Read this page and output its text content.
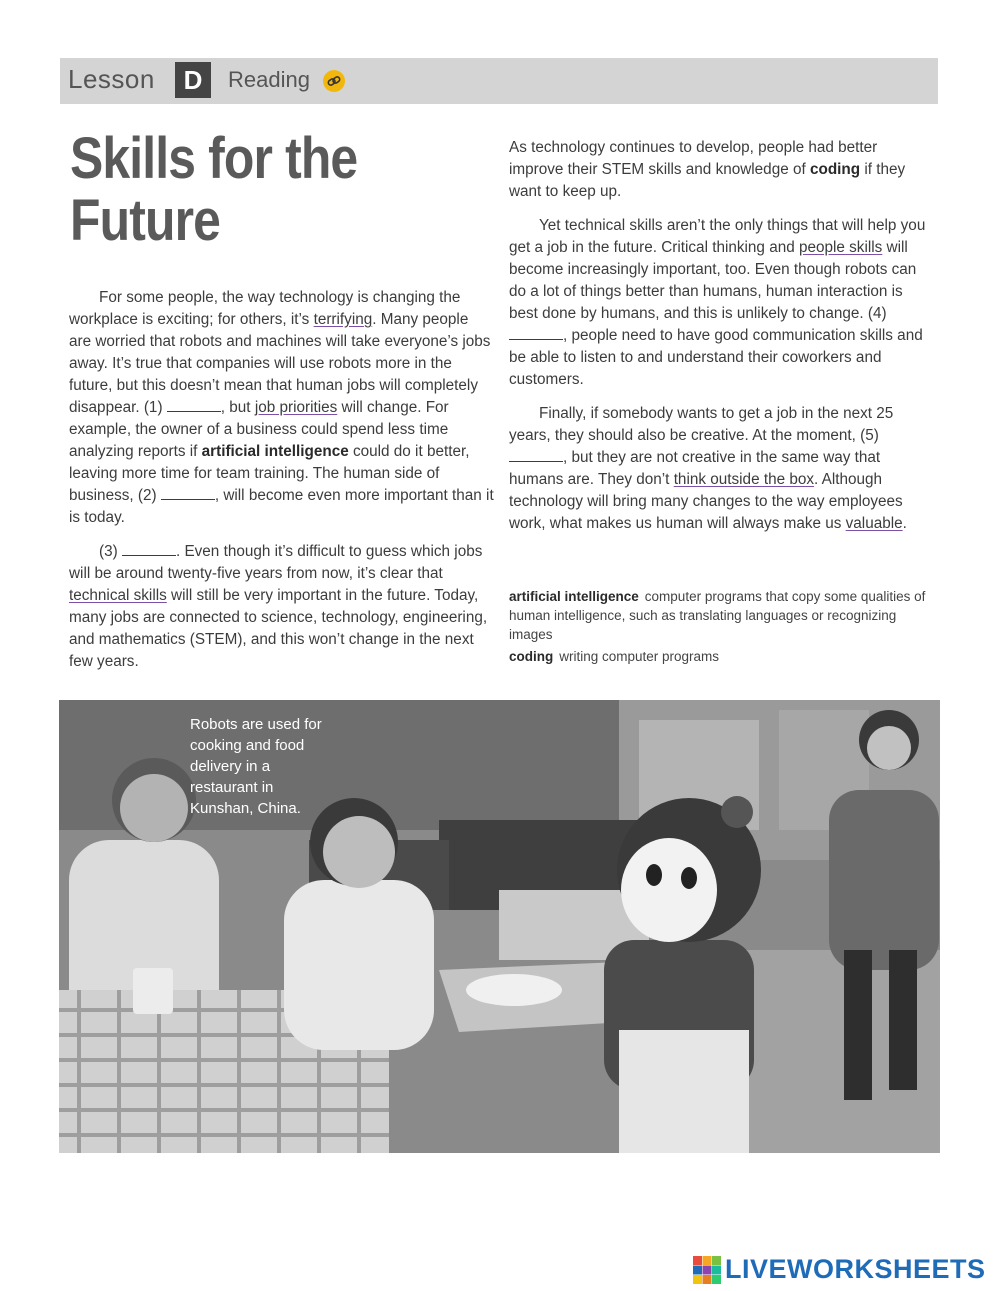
Lesson	D	Reading
Skills for the
Future

For some people, the way technology is changing the workplace is exciting; for others, it’s terrifying. Many people are worried that robots and machines will take everyone’s jobs away. It’s true that companies will use robots more in the future, but this doesn’t mean that human jobs will completely disappear. (1)	, but job priorities will change. For example, the owner of a business could spend less time analyzing reports if artificial intelligence could do it better, leaving more time for team training. The human side of business, (2)	, will become even more important than it is today.

(3)	. Even though it’s difficult to guess which jobs will be around twenty-five years from now, it’s clear that technical skills will still be very important in the future. Today, many jobs are connected to science, technology, engineering, and mathematics (STEM), and this won’t change in the next few years.

As technology continues to develop, people had better improve their STEM skills and knowledge of coding if they want to keep up.

Yet technical skills aren’t the only things that will help you get a job in the future. Critical thinking and people skills will become increasingly important, too. Even though robots can do a lot of things better than humans, human interaction is best done by humans, and this is unlikely to change. (4) , people need to have good communication skills and be able to listen to and understand their coworkers and customers.

Finally, if somebody wants to get a job in the next 25 years, they should also be creative. At the moment, (5) , but they are not creative in the same way that humans are. They don’t think outside the box. Although technology will bring many changes to the way employees work, what makes us human will always make us valuable.

artificial intelligence computer programs that copy some qualities of human intelligence, such as translating languages or recognizing images
coding writing computer programs
Robots are used for cooking and food delivery in a restaurant in Kunshan, China.
LIVEWORKSHEETS
